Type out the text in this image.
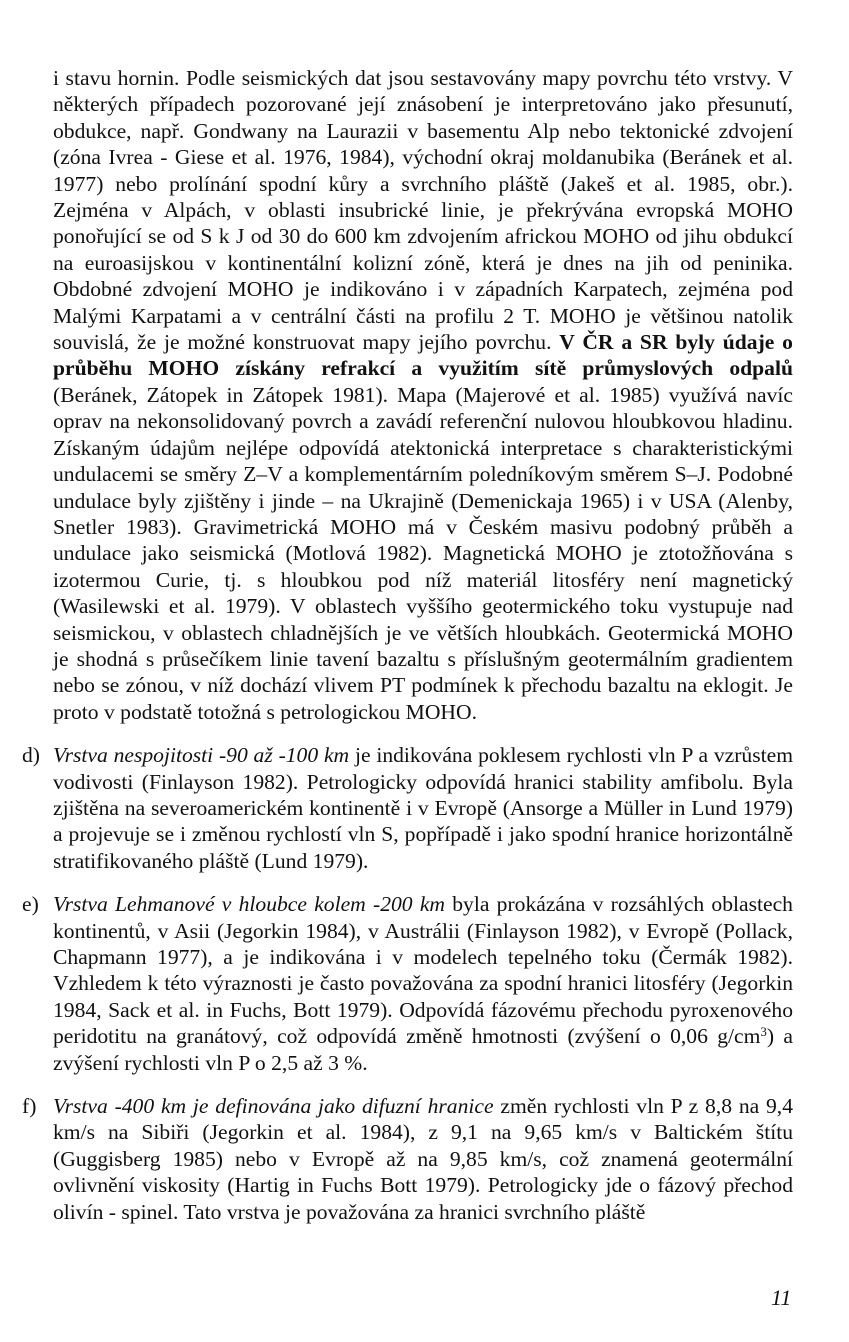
i stavu hornin. Podle seismických dat jsou sestavovány mapy povrchu této vrstvy. V některých případech pozorované její znásobení je interpretováno jako přesunutí, obdukce, např. Gondwany na Laurazii v basementu Alp nebo tektonické zdvojení (zóna Ivrea - Giese et al. 1976, 1984), východní okraj moldanubika (Beránek et al. 1977) nebo prolínání spodní kůry a svrchního pláště (Jakeš et al. 1985, obr.). Zejména v Alpách, v oblasti insubrické linie, je překrývána evropská MOHO ponořující se od S k J od 30 do 600 km zdvojením africkou MOHO od jihu obdukcí na euroasijskou v kontinentální kolizní zóně, která je dnes na jih od peninika. Obdobné zdvojení MOHO je indikováno i v západních Karpatech, zejména pod Malými Karpatami a v centrální části na profilu 2 T. MOHO je většinou natolik souvislá, že je možné konstruovat mapy jejího povrchu. V ČR a SR byly údaje o průběhu MOHO získány refrakcí a využitím sítě průmyslových odpalů (Beránek, Zátopek in Zátopek 1981). Mapa (Majerové et al. 1985) využívá navíc oprav na nekonsolidovaný povrch a zavádí referenční nulovou hloubkovou hladinu. Získaným údajům nejlépe odpovídá atektonická interpretace s charakteristickými undulacemi se směry Z–V a komplementárním poledníkovým směrem S–J. Podobné undulace byly zjištěny i jinde – na Ukrajině (Demenickaja 1965) i v USA (Alenby, Snetler 1983). Gravimetrická MOHO má v Českém masivu podobný průběh a undulace jako seismická (Motlová 1982). Magnetická MOHO je ztotožňována s izotermou Curie, tj. s hloubkou pod níž materiál litosféry není magnetický (Wasilewski et al. 1979). V oblastech vyššího geotermického toku vystupuje nad seismickou, v oblastech chladnějších je ve větších hloubkách. Geotermická MOHO je shodná s průsečíkem linie tavení bazaltu s příslušným geotermálním gradientem nebo se zónou, v níž dochází vlivem PT podmínek k přechodu bazaltu na eklogit. Je proto v podstatě totožná s petrologickou MOHO.

d) Vrstva nespojitosti -90 až -100 km je indikována poklesem rychlosti vln P a vzrůstem vodivosti (Finlayson 1982). Petrologicky odpovídá hranici stability amfibolu. Byla zjištěna na severoamerickém kontinentě i v Evropě (Ansorge a Müller in Lund 1979) a projevuje se i změnou rychlostí vln S, popřípadě i jako spodní hranice horizontálně stratifikovaného pláště (Lund 1979).

e) Vrstva Lehmanové v hloubce kolem -200 km byla prokázána v rozsáhlých oblastech kontinentů, v Asii (Jegorkin 1984), v Austrálii (Finlayson 1982), v Evropě (Pollack, Chapmann 1977), a je indikována i v modelech tepelného toku (Čermák 1982). Vzhledem k této výraznosti je často považována za spodní hranici litosféry (Jegorkin 1984, Sack et al. in Fuchs, Bott 1979). Odpovídá fázovému přechodu pyroxenového peridotitu na granátový, což odpovídá změně hmotnosti (zvýšení o 0,06 $g/cm^3$) a zvýšení rychlosti vln P o 2,5 až 3 %.

f) Vrstva -400 km je definována jako difuzní hranice změn rychlosti vln P z 8,8 na 9,4 km/s na Sibiři (Jegorkin et al. 1984), z 9,1 na 9,65 km/s v Baltickém štítu (Guggisberg 1985) nebo v Evropě až na 9,85 km/s, což znamená geotermální ovlivnění viskosity (Hartig in Fuchs Bott 1979). Petrologicky jde o fázový přechod olivín - spinel. Tato vrstva je považována za hranici svrchního pláště

11
